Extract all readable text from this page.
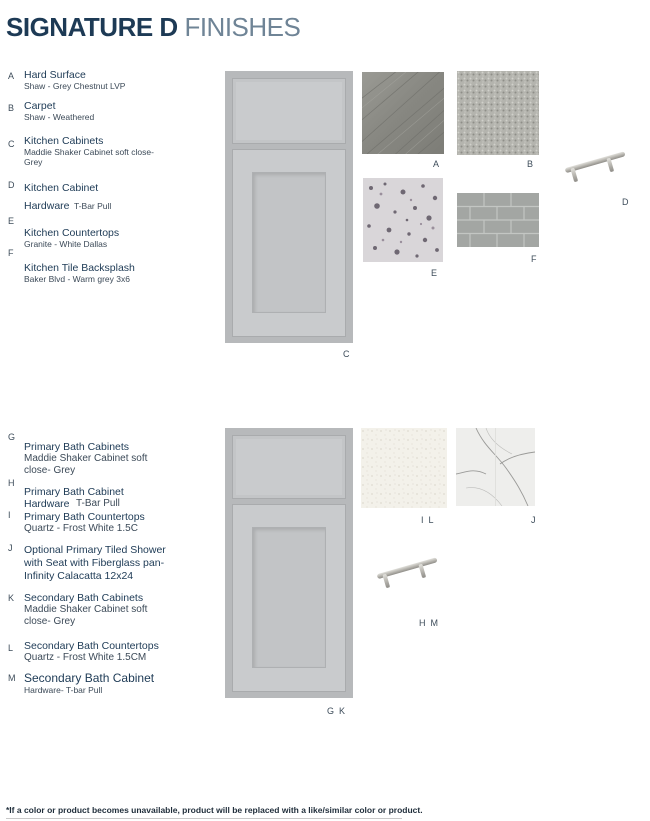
SIGNATURE D FINISHES
A Hard Surface
Shaw - Grey Chestnut LVP
B Carpet
Shaw - Weathered
C Kitchen Cabinets
Maddie Shaker Cabinet soft close- Grey
D Kitchen Cabinet Hardware T-Bar Pull
E
Kitchen Countertops
Granite - White Dallas
F
Kitchen Tile Backsplash
Baker Blvd - Warm grey 3x6
C
A	B
D
E
F
G
Primary Bath Cabinets
Maddie Shaker Cabinet soft close- Grey
H
Primary Bath Cabinet Hardware T-Bar Pull
I Primary Bath Countertops
Quartz - Frost White 1.5C
J Optional Primary Tiled Shower with Seat with Fiberglass pan- Infinity Calacatta 12x24
K Secondary Bath Cabinets
Maddie Shaker Cabinet soft close- Grey
L Secondary Bath Countertops
Quartz - Frost White 1.5CM
M Secondary Bath Cabinet
Hardware- T-bar Pull
G  K
I  L	J
H  M
*If a color or product becomes unavailable, product will be replaced with a like/similar color or product.
